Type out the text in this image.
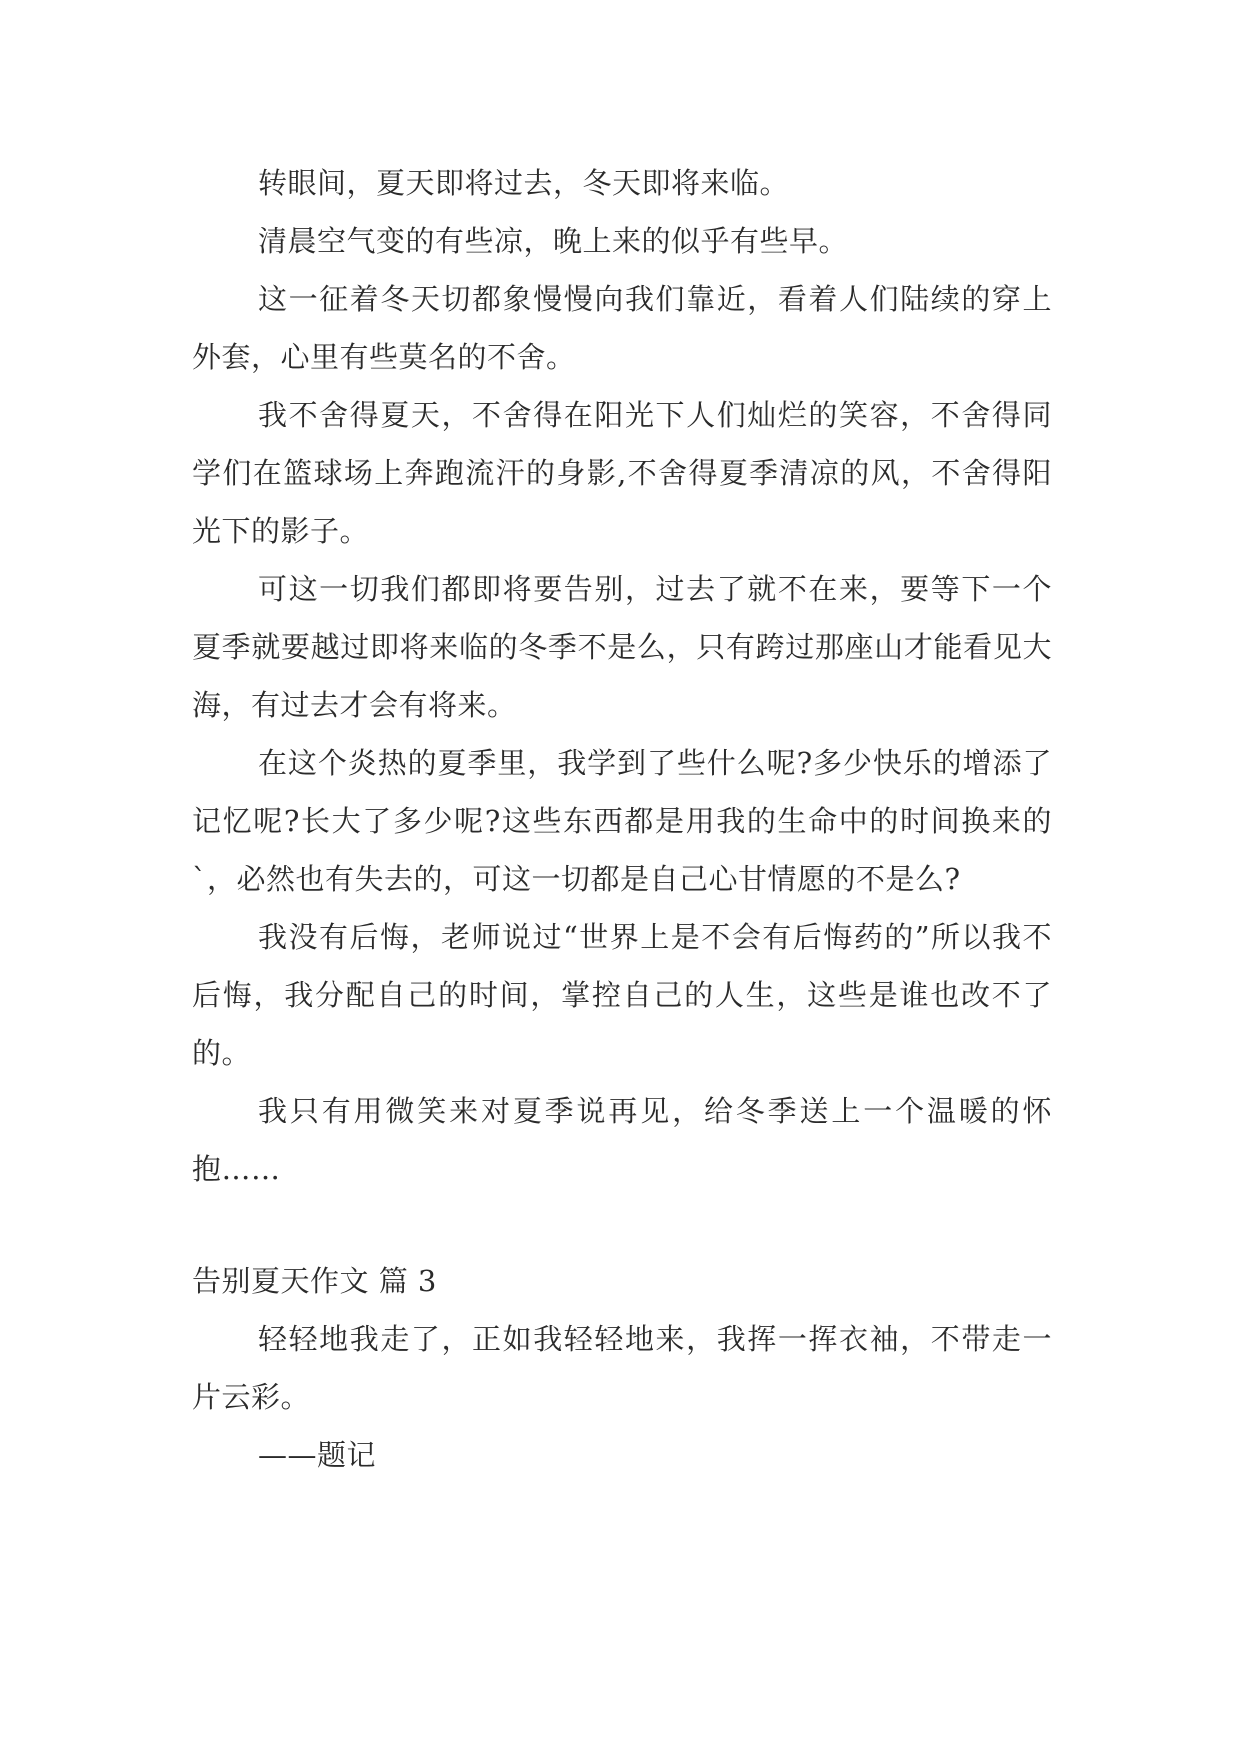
转眼间，夏天即将过去，冬天即将来临。

清晨空气变的有些凉，晚上来的似乎有些早。

这一征着冬天切都象慢慢向我们靠近，看着人们陆续的穿上外套，心里有些莫名的不舍。

我不舍得夏天，不舍得在阳光下人们灿烂的笑容，不舍得同学们在篮球场上奔跑流汗的身影,不舍得夏季清凉的风，不舍得阳光下的影子。

可这一切我们都即将要告别，过去了就不在来，要等下一个夏季就要越过即将来临的冬季不是么，只有跨过那座山才能看见大海，有过去才会有将来。

在这个炎热的夏季里，我学到了些什么呢?多少快乐的增添了记忆呢?长大了多少呢?这些东西都是用我的生命中的时间换来的`，必然也有失去的，可这一切都是自己心甘情愿的不是么?

我没有后悔，老师说过“世界上是不会有后悔药的”所以我不后悔，我分配自己的时间，掌控自己的人生，这些是谁也改不了的。

我只有用微笑来对夏季说再见，给冬季送上一个温暖的怀抱……

告别夏天作文 篇 3

轻轻地我走了，正如我轻轻地来，我挥一挥衣袖，不带走一片云彩。

——题记
